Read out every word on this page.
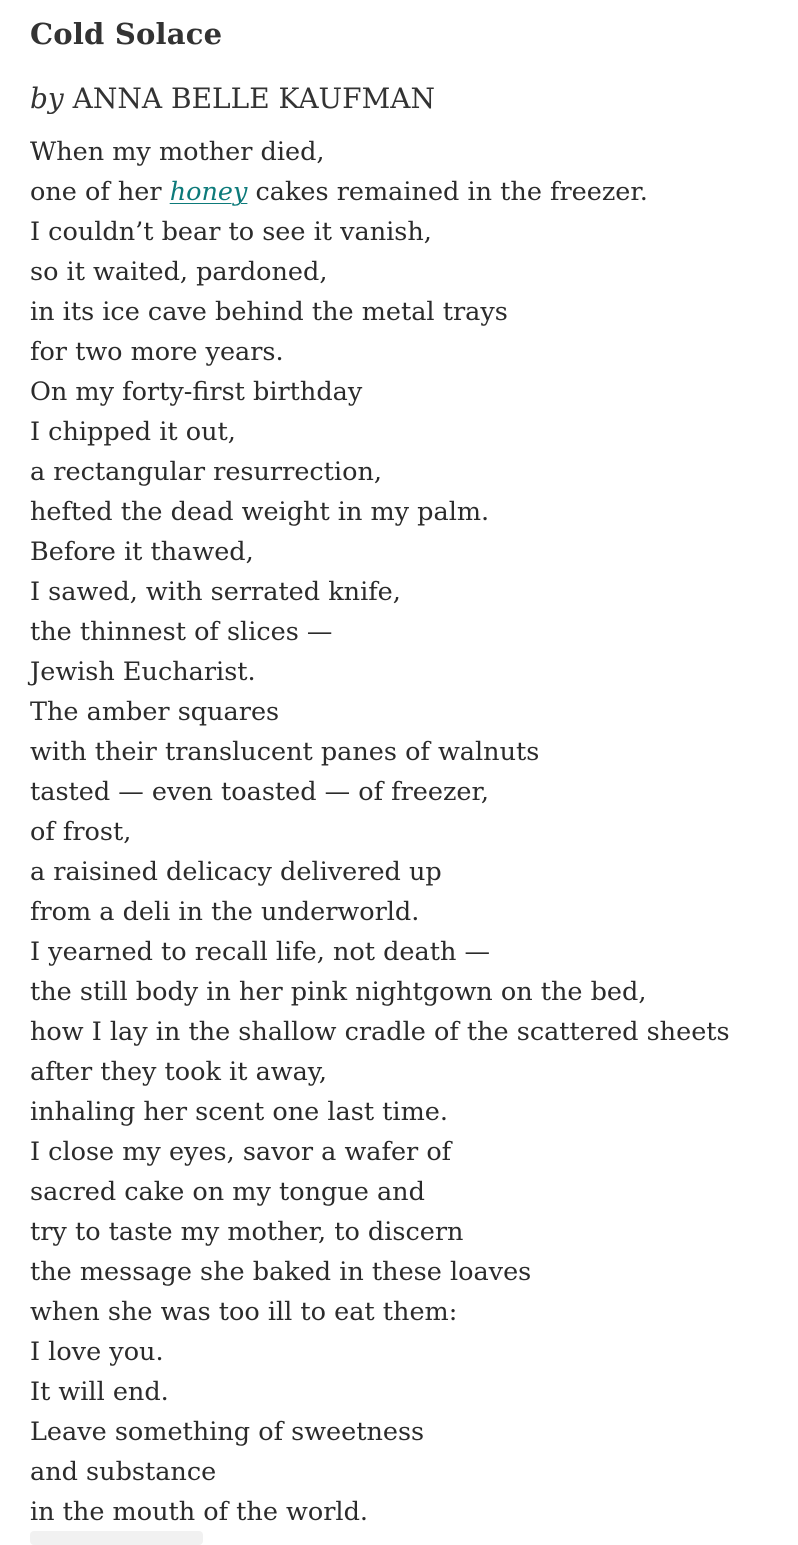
Cold Solace

by ANNA BELLE KAUFMAN

When my mother died,
one of her honey cakes remained in the freezer.
I couldn’t bear to see it vanish,
so it waited, pardoned,
in its ice cave behind the metal trays
for two more years.
On my forty-first birthday
I chipped it out,
a rectangular resurrection,
hefted the dead weight in my palm.
Before it thawed,
I sawed, with serrated knife,
the thinnest of slices —
Jewish Eucharist.
The amber squares
with their translucent panes of walnuts
tasted — even toasted — of freezer,
of frost,
a raisined delicacy delivered up
from a deli in the underworld.
I yearned to recall life, not death —
the still body in her pink nightgown on the bed,
how I lay in the shallow cradle of the scattered sheets
after they took it away,
inhaling her scent one last time.
I close my eyes, savor a wafer of
sacred cake on my tongue and
try to taste my mother, to discern
the message she baked in these loaves
when she was too ill to eat them:
I love you.
It will end.
Leave something of sweetness
and substance
in the mouth of the world.
